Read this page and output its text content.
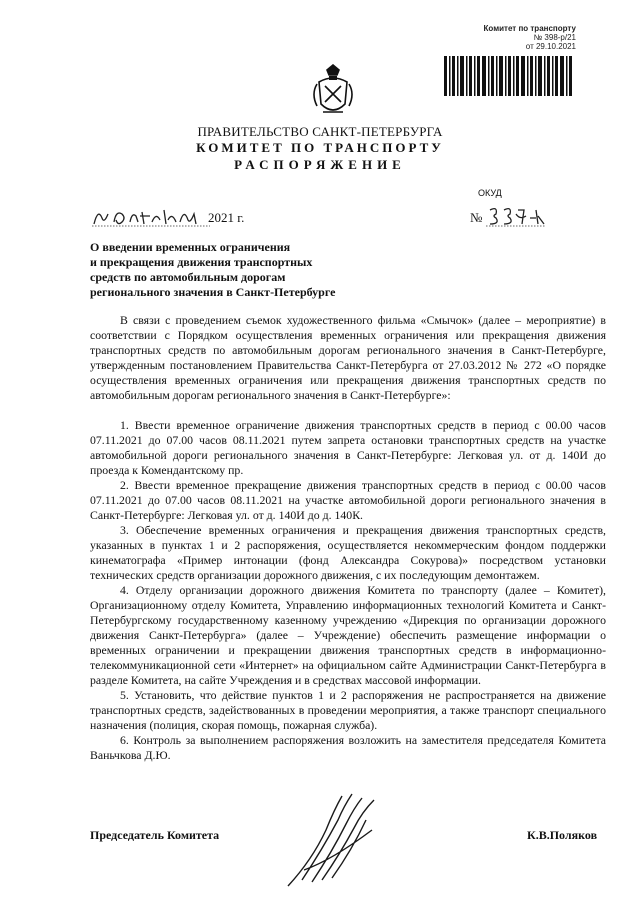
Комитет по транспорту
№ 398-р/21
от 29.10.2021
ПРАВИТЕЛЬСТВО САНКТ-ПЕТЕРБУРГА
КОМИТЕТ ПО ТРАНСПОРТУ
РАСПОРЯЖЕНИЕ
ОКУД
2021 г.	№
О введении временных ограничения
и прекращения движения транспортных
средств по автомобильным дорогам
регионального значения в Санкт-Петербурге

В связи с проведением съемок художественного фильма «Смычок» (далее – мероприятие) в соответствии с Порядком осуществления временных ограничения или прекращения движения транспортных средств по автомобильным дорогам регионального значения в Санкт-Петербурге, утвержденным постановлением Правительства Санкт-Петербурга от 27.03.2012 № 272 «О порядке осуществления временных ограничения или прекращения движения транспортных средств по автомобильным дорогам регионального значения в Санкт-Петербурге»:

1. Ввести временное ограничение движения транспортных средств в период с 00.00 часов 07.11.2021 до 07.00 часов 08.11.2021 путем запрета остановки транспортных средств на участке автомобильной дороги регионального значения в Санкт-Петербурге: Легковая ул. от д. 140И до проезда к Комендантскому пр.

2. Ввести временное прекращение движения транспортных средств в период с 00.00 часов 07.11.2021 до 07.00 часов 08.11.2021 на участке автомобильной дороги регионального значения в Санкт-Петербурге: Легковая ул. от д. 140И до д. 140К.

3. Обеспечение временных ограничения и прекращения движения транспортных средств, указанных в пунктах 1 и 2 распоряжения, осуществляется некоммерческим фондом поддержки кинематографа «Пример интонации (фонд Александра Сокурова)» посредством установки технических средств организации дорожного движения, с их последующим демонтажем.

4. Отделу организации дорожного движения Комитета по транспорту (далее – Комитет), Организационному отделу Комитета, Управлению информационных технологий Комитета и Санкт-Петербургскому государственному казенному учреждению «Дирекция по организации дорожного движения Санкт-Петербурга» (далее – Учреждение) обеспечить размещение информации о временных ограничении и прекращении движения транспортных средств в информационно-телекоммуникационной сети «Интернет» на официальном сайте Администрации Санкт-Петербурга в разделе Комитета, на сайте Учреждения и в средствах массовой информации.

5. Установить, что действие пунктов 1 и 2 распоряжения не распространяется на движение транспортных средств, задействованных в проведении мероприятия, а также транспорт специального назначения (полиция, скорая помощь, пожарная служба).

6. Контроль за выполнением распоряжения возложить на заместителя председателя Комитета Ваньчкова Д.Ю.

Председатель Комитета	К.В.Поляков
